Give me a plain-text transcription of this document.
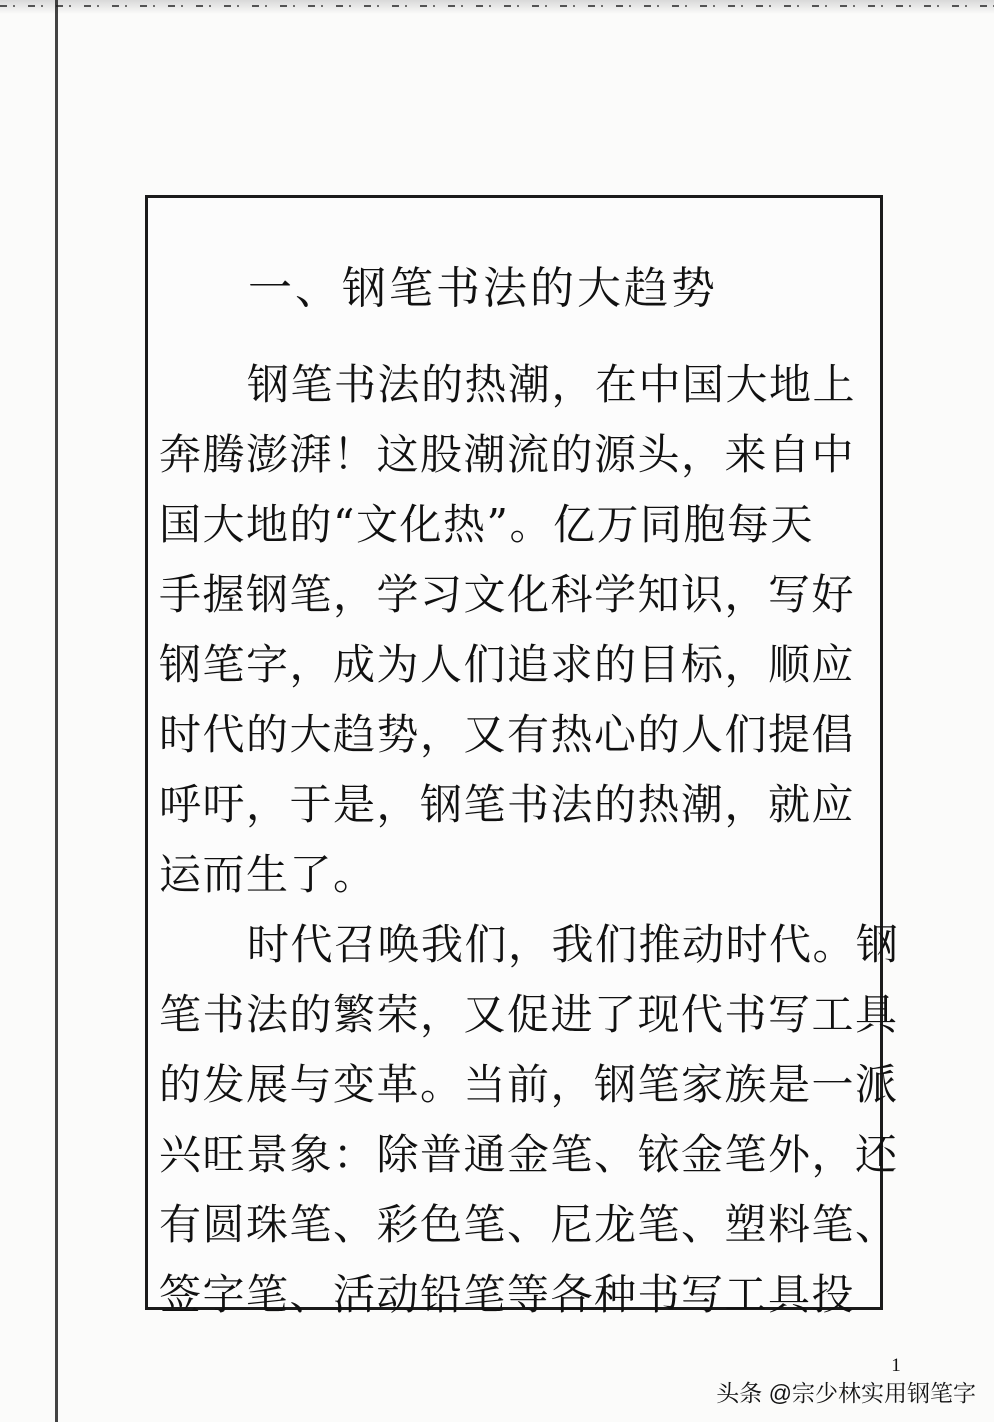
一、钢笔书法的大趋势
钢笔书法的热潮，在中国大地上
奔腾澎湃！这股潮流的源头，来自中
国大地的“文化热”。亿万同胞每天
手握钢笔，学习文化科学知识，写好
钢笔字，成为人们追求的目标，顺应
时代的大趋势，又有热心的人们提倡
呼吁，于是，钢笔书法的热潮，就应
运而生了。
时代召唤我们，我们推动时代。钢
笔书法的繁荣，又促进了现代书写工具
的发展与变革。当前，钢笔家族是一派
兴旺景象：除普通金笔、铱金笔外，还
有圆珠笔、彩色笔、尼龙笔、塑料笔、
签字笔、活动铅笔等各种书写工具投
1
头条 @宗少林实用钢笔字
